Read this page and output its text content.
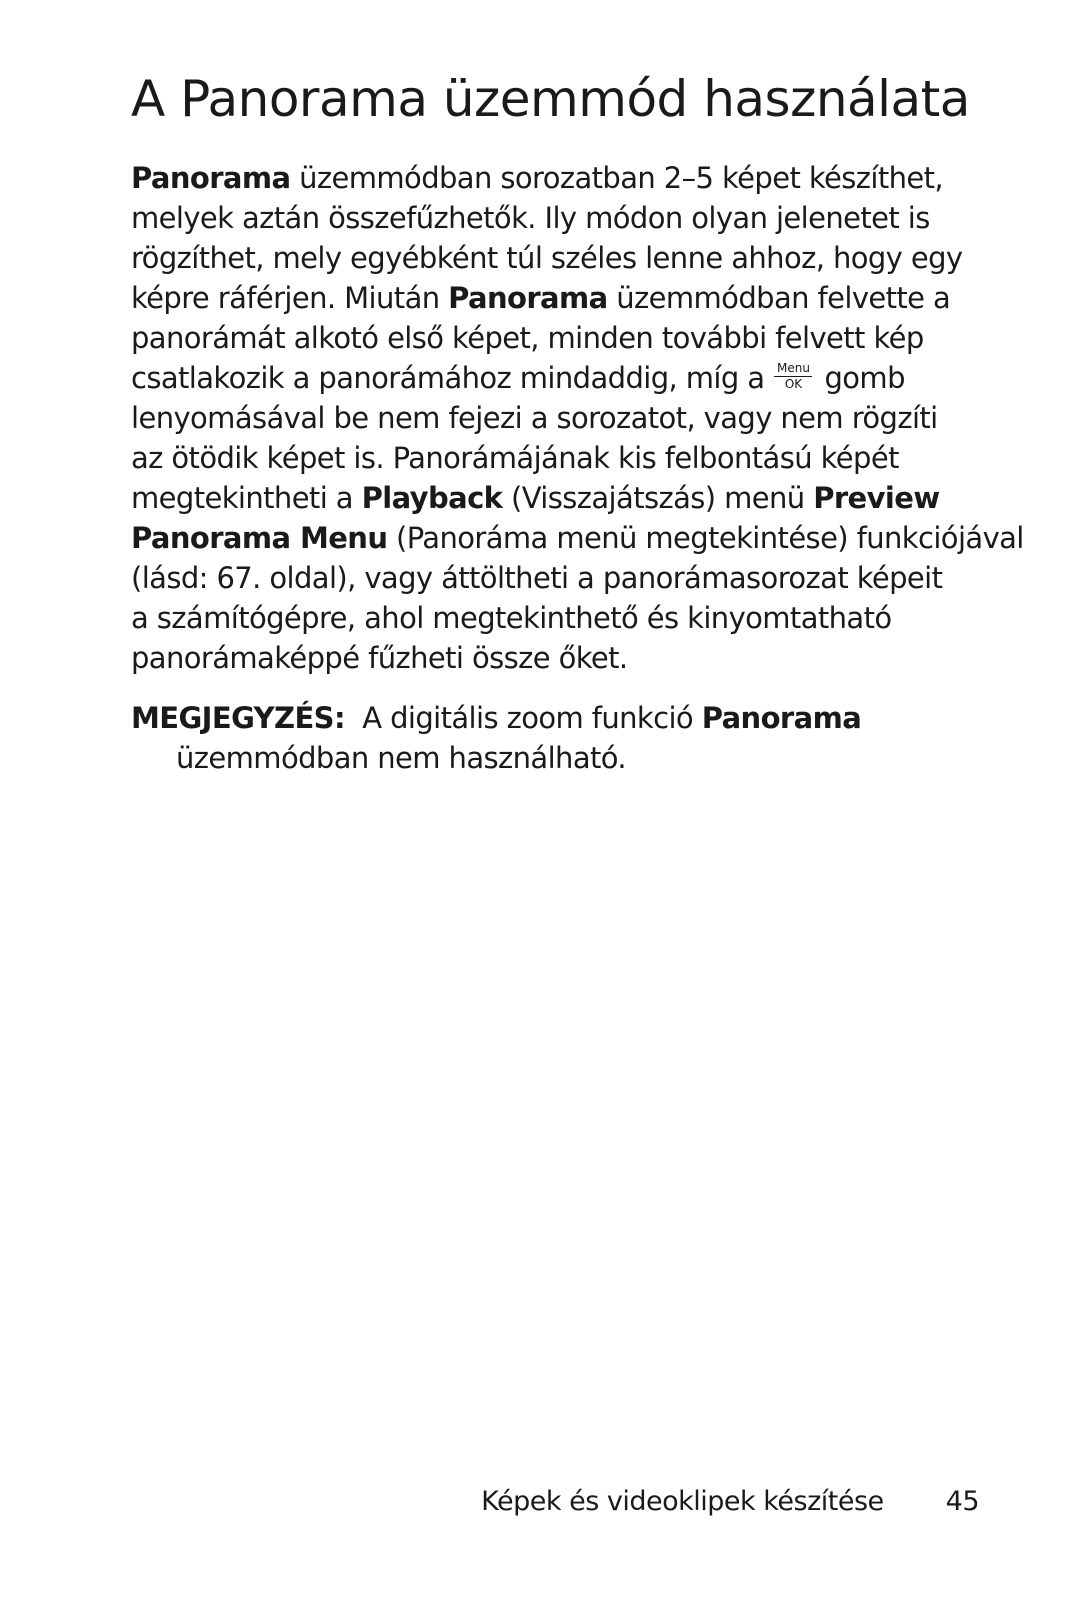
A Panorama üzemmód használata
Panorama üzemmódban sorozatban 2–5 képet készíthet,
melyek aztán összefűzhetők. Ily módon olyan jelenetet is
rögzíthet, mely egyébként túl széles lenne ahhoz, hogy egy
képre ráférjen. Miután Panorama üzemmódban felvette a
panorámát alkotó első képet, minden további felvett kép
csatlakozik a panorámához mindaddig, míg a	Menu
OK gomb
lenyomásával be nem fejezi a sorozatot, vagy nem rögzíti
az ötödik képet is. Panorámájának kis felbontású képét
megtekintheti a Playback (Visszajátszás) menü Preview
Panorama Menu (Panoráma menü megtekintése) funkciójával
(lásd: 67. oldal), vagy áttöltheti a panorámasorozat képeit
a számítógépre, ahol megtekinthető és kinyomtatható
panorámaképpé fűzheti össze őket.
MEGJEGYZÉS: A digitális zoom funkció Panorama
üzemmódban nem használható.
Képek és videoklipek készítése 45
